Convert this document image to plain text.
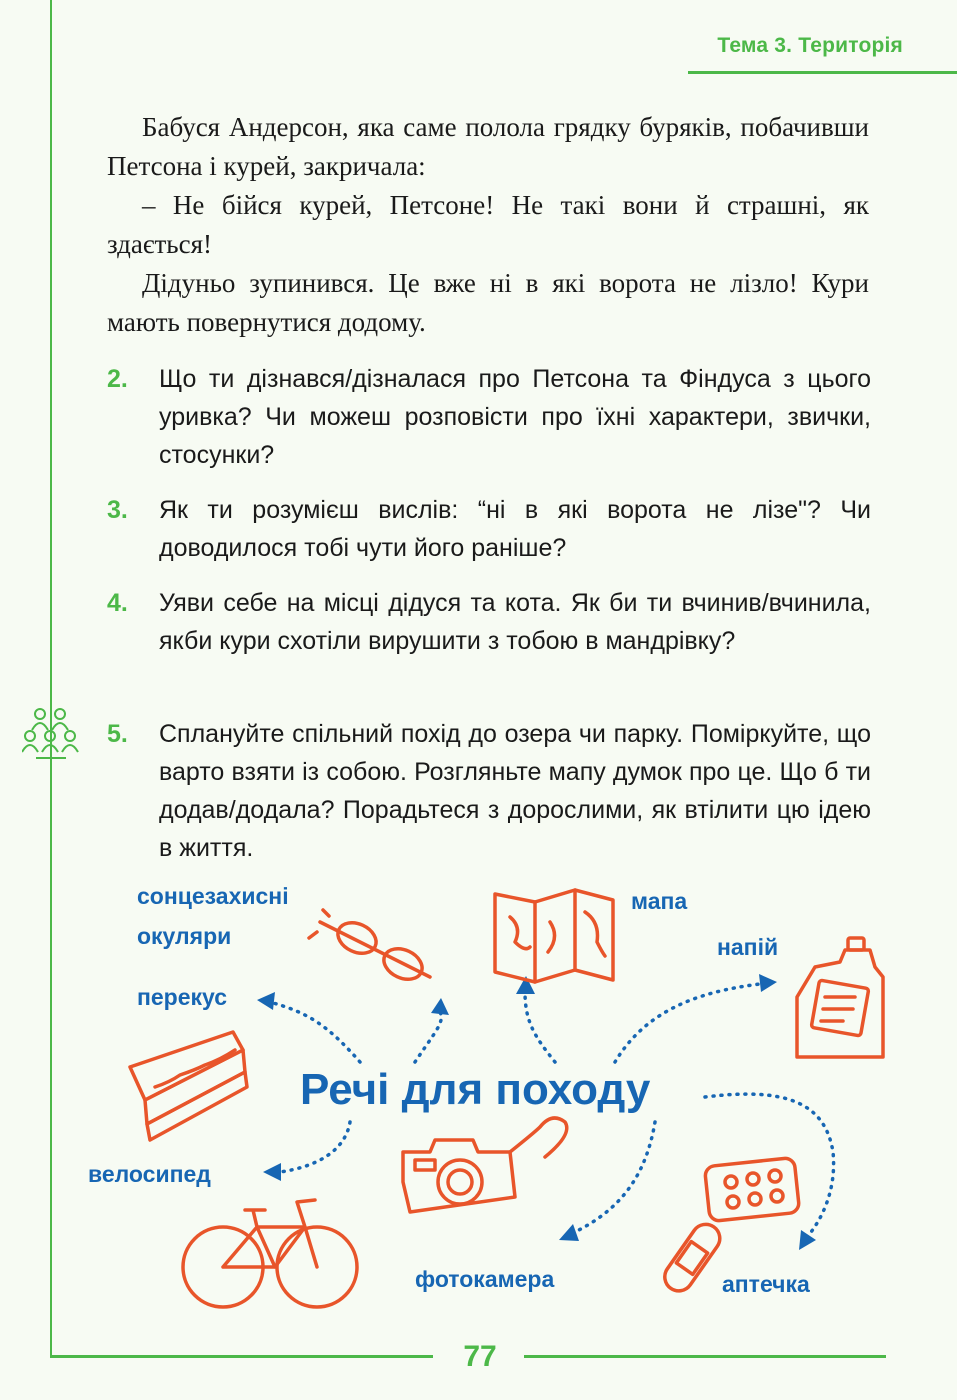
Тема 3. Територія

Бабуся Андерсон, яка саме полола грядку буряків, побачивши Петсона і курей, закричала:

– Не бійся курей, Петсоне! Не такі вони й страшні, як здається!

Дідуньо зупинився. Це вже ні в які ворота не лізло! Кури мають повернутися додому.

2. Що ти дізнався/дізналася про Петсона та Фіндуса з цього уривка? Чи можеш розповісти про їхні характери, звички, стосунки?
3. Як ти розумієш вислів: “ні в які ворота не лізе"? Чи доводилося тобі чути його раніше?
4. Уяви себе на місці дідуся та кота. Як би ти вчинив/вчинила, якби кури схотіли вирушити з тобою в мандрівку?
5. Сплануйте спільний похід до озера чи парку. Поміркуйте, що варто взяти із собою. Розгляньте мапу думок про це. Що б ти додав/додала? Порадьтеся з дорослими, як втілити цю ідею в життя.
сонцезахисні
окуляри
перекус
мапа
напій
велосипед
фотокамера	аптечка
Речі для походу
77
